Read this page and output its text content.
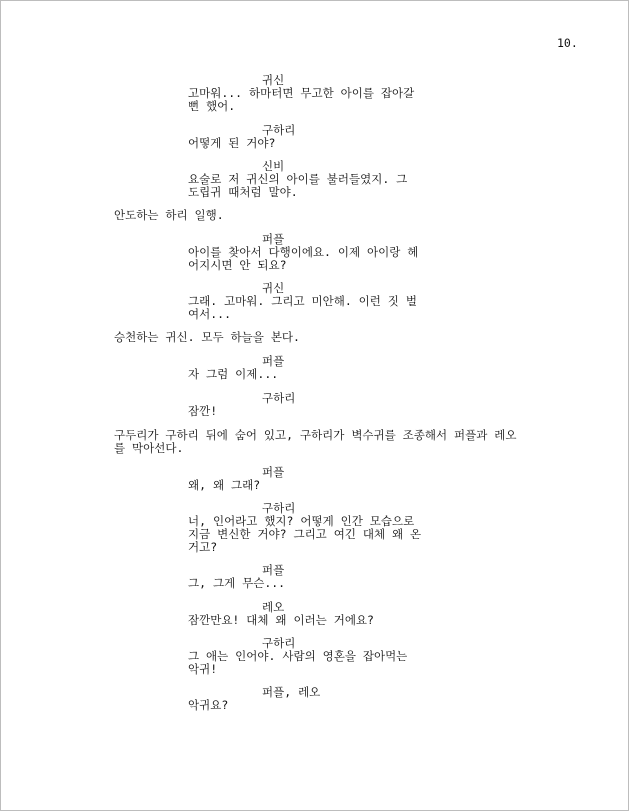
10.
귀신
고마워... 하마터면 무고한 아이를 잡아갈
뻔 했어.
구하리
어떻게 된 거야?
신비
요술로 저 귀신의 아이를 불러들였지. 그
도립귀 때처럼 말야.
안도하는 하리 일행.
퍼플
아이를 찾아서 다행이에요. 이제 아이랑 헤
어지시면 안 되요?
귀신
그래. 고마워. 그리고 미안해. 이런 짓 벌
여서...
승천하는 귀신. 모두 하늘을 본다.
퍼플
자 그럼 이제...
구하리
잠깐!
구두리가 구하리 뒤에 숨어 있고, 구하리가 벽수귀를 조종해서 퍼플과 레오
를 막아선다.
퍼플
왜, 왜 그래?
구하리
너, 인어라고 했지? 어떻게 인간 모습으로
지금 변신한 거야? 그리고 여긴 대체 왜 온
거고?
퍼플
그, 그게 무슨...
레오
잠깐만요! 대체 왜 이러는 거에요?
구하리
그 애는 인어야. 사람의 영혼을 잡아먹는
악귀!
퍼플, 레오
악귀요?
